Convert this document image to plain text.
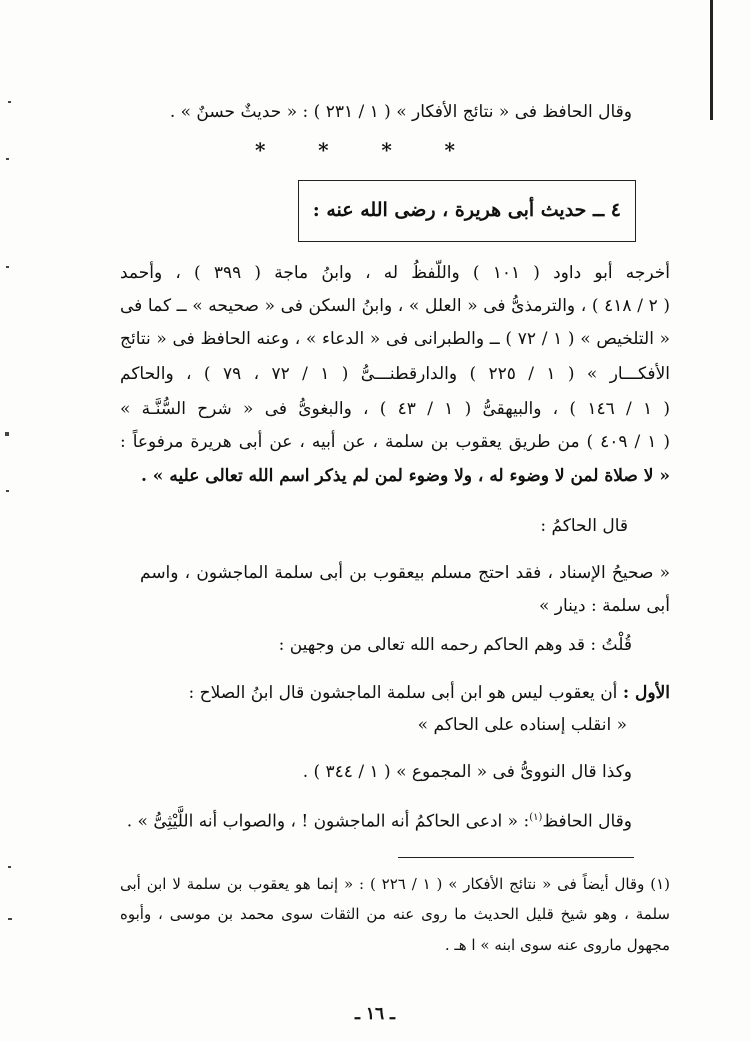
وقال الحافظ فى « نتائج الأفكار » ( ١ / ٢٣١ ) : « حديثٌ حسنٌ » .
*	*	*	*
٤ ــ حديث أبى هريرة ، رضى الله عنه :
أخرجه أبو داود ( ١٠١ ) واللّفظُ له ، وابنُ ماجة ( ٣٩٩ ) ، وأحمد
( ٢ / ٤١٨ ) ، والترمذىُّ فى « العلل » ، وابنُ السكن فى « صحيحه » ــ كما فى
« التلخيص » ( ١ / ٧٢ ) ــ والطبرانى فى « الدعاء » ، وعنه الحافظ فى « نتائج
الأفكـــار » ( ١ / ٢٢٥ ) والدارقطنـــىُّ ( ١ / ٧٢ ، ٧٩ ) ، والحاكم
( ١ / ١٤٦ ) ، والبيهقىُّ ( ١ / ٤٣ ) ، والبغوىُّ فى « شرح السُّنَّـة »
( ١ / ٤٠٩ ) من طريق يعقوب بن سلمة ، عن أبيه ، عن أبى هريرة مرفوعاً :
« لا صلاة لمن لا وضوء له ، ولا وضوء لمن لم يذكر اسم الله تعالى عليه » .
قال الحاكمُ :
« صحيحُ الإسناد ، فقد احتج مسلم بيعقوب بن أبى سلمة الماجشون ، واسم
أبى سلمة : دينار »
قُلْتُ : قد وهم الحاكم رحمه الله تعالى من وجهين :
الأول : أن يعقوب ليس هو ابن أبى سلمة الماجشون قال ابنُ الصلاح :
« انقلب إسناده على الحاكم »
وكذا قال النووىُّ فى « المجموع » ( ١ / ٣٤٤ ) .
وقال الحافظ$^{(١)}$: « ادعى الحاكمُ أنه الماجشون ! ، والصواب أنه اللَّيْثِىُّ » .
(١) وقال أيضاً فى « نتائج الأفكار » ( ١ / ٢٢٦ ) : « إنما هو يعقوب بن سلمة لا ابن أبى
سلمة ، وهو شيخ قليل الحديث ما روى عنه من الثقات سوى محمد بن موسى ، وأبوه
مجهول ماروى عنه سوى ابنه » ا هـ .
ـ ١٦ ـ
